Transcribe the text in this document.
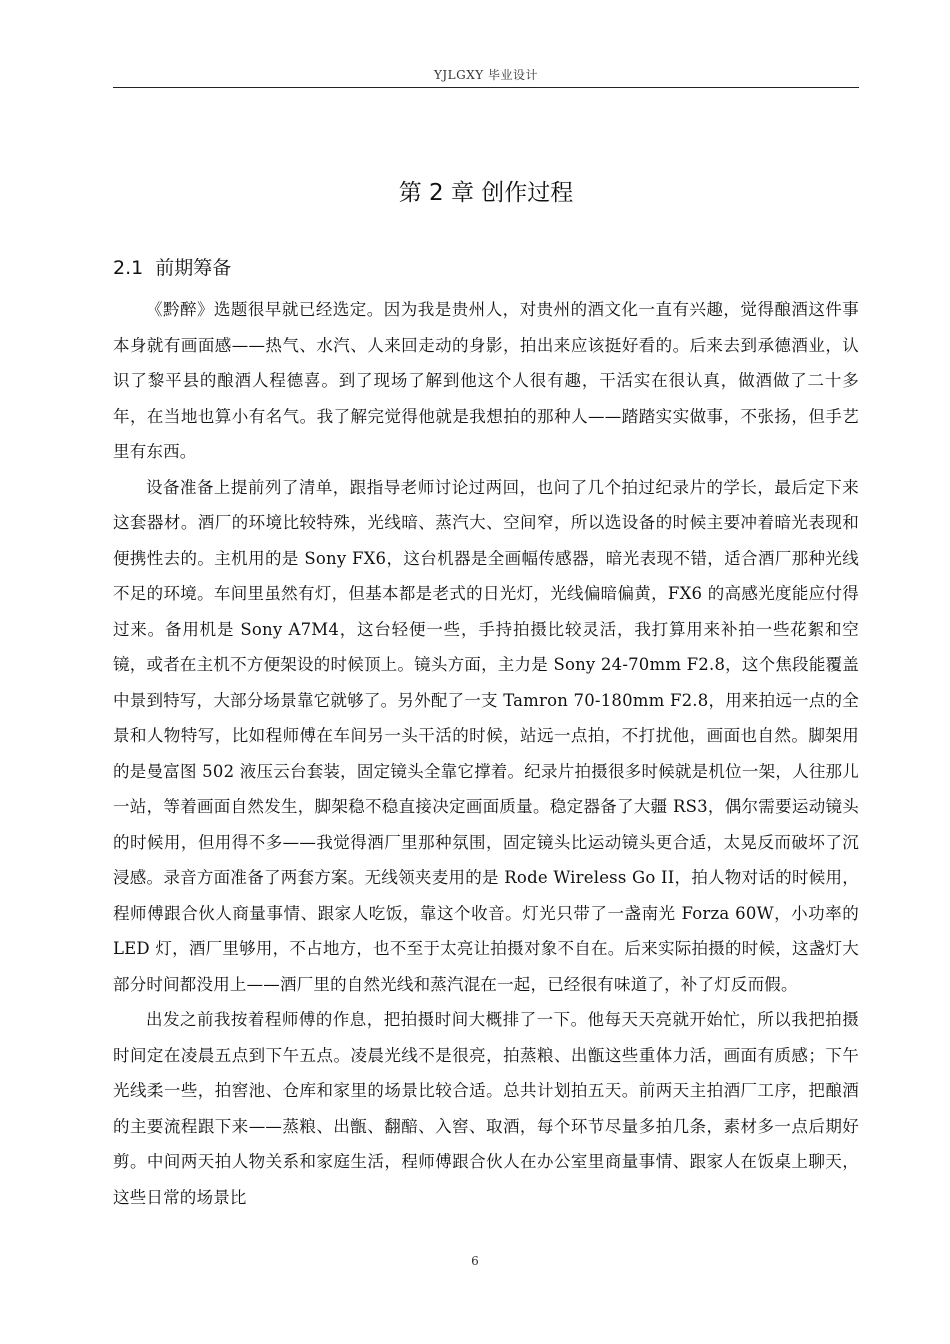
YJLGXY 毕业设计
第 2 章 创作过程
2.1 前期筹备

《黔醉》选题很早就已经选定。因为我是贵州人，对贵州的酒文化一直有兴趣，觉得酿酒这件事本身就有画面感——热气、水汽、人来回走动的身影，拍出来应该挺好看的。后来去到承德酒业，认识了黎平县的酿酒人程德喜。到了现场了解到他这个人很有趣，干活实在很认真，做酒做了二十多年，在当地也算小有名气。我了解完觉得他就是我想拍的那种人——踏踏实实做事，不张扬，但手艺里有东西。

设备准备上提前列了清单，跟指导老师讨论过两回，也问了几个拍过纪录片的学长，最后定下来这套器材。酒厂的环境比较特殊，光线暗、蒸汽大、空间窄，所以选设备的时候主要冲着暗光表现和便携性去的。主机用的是 Sony FX6，这台机器是全画幅传感器，暗光表现不错，适合酒厂那种光线不足的环境。车间里虽然有灯，但基本都是老式的日光灯，光线偏暗偏黄，FX6 的高感光度能应付得过来。备用机是 Sony A7M4，这台轻便一些，手持拍摄比较灵活，我打算用来补拍一些花絮和空镜，或者在主机不方便架设的时候顶上。镜头方面，主力是 Sony 24-70mm F2.8，这个焦段能覆盖中景到特写，大部分场景靠它就够了。另外配了一支 Tamron 70-180mm F2.8，用来拍远一点的全景和人物特写，比如程师傅在车间另一头干活的时候，站远一点拍，不打扰他，画面也自然。脚架用的是曼富图 502 液压云台套装，固定镜头全靠它撑着。纪录片拍摄很多时候就是机位一架，人往那儿一站，等着画面自然发生，脚架稳不稳直接决定画面质量。稳定器备了大疆 RS3，偶尔需要运动镜头的时候用，但用得不多——我觉得酒厂里那种氛围，固定镜头比运动镜头更合适，太晃反而破坏了沉浸感。录音方面准备了两套方案。无线领夹麦用的是 Rode Wireless Go II，拍人物对话的时候用，程师傅跟合伙人商量事情、跟家人吃饭，靠这个收音。灯光只带了一盏南光 Forza 60W，小功率的 LED 灯，酒厂里够用，不占地方，也不至于太亮让拍摄对象不自在。后来实际拍摄的时候，这盏灯大部分时间都没用上——酒厂里的自然光线和蒸汽混在一起，已经很有味道了，补了灯反而假。

出发之前我按着程师傅的作息，把拍摄时间大概排了一下。他每天天亮就开始忙，所以我把拍摄时间定在凌晨五点到下午五点。凌晨光线不是很亮，拍蒸粮、出甑这些重体力活，画面有质感；下午光线柔一些，拍窖池、仓库和家里的场景比较合适。总共计划拍五天。前两天主拍酒厂工序，把酿酒的主要流程跟下来——蒸粮、出甑、翻醅、入窖、取酒，每个环节尽量多拍几条，素材多一点后期好剪。中间两天拍人物关系和家庭生活，程师傅跟合伙人在办公室里商量事情、跟家人在饭桌上聊天，这些日常的场景比

6
